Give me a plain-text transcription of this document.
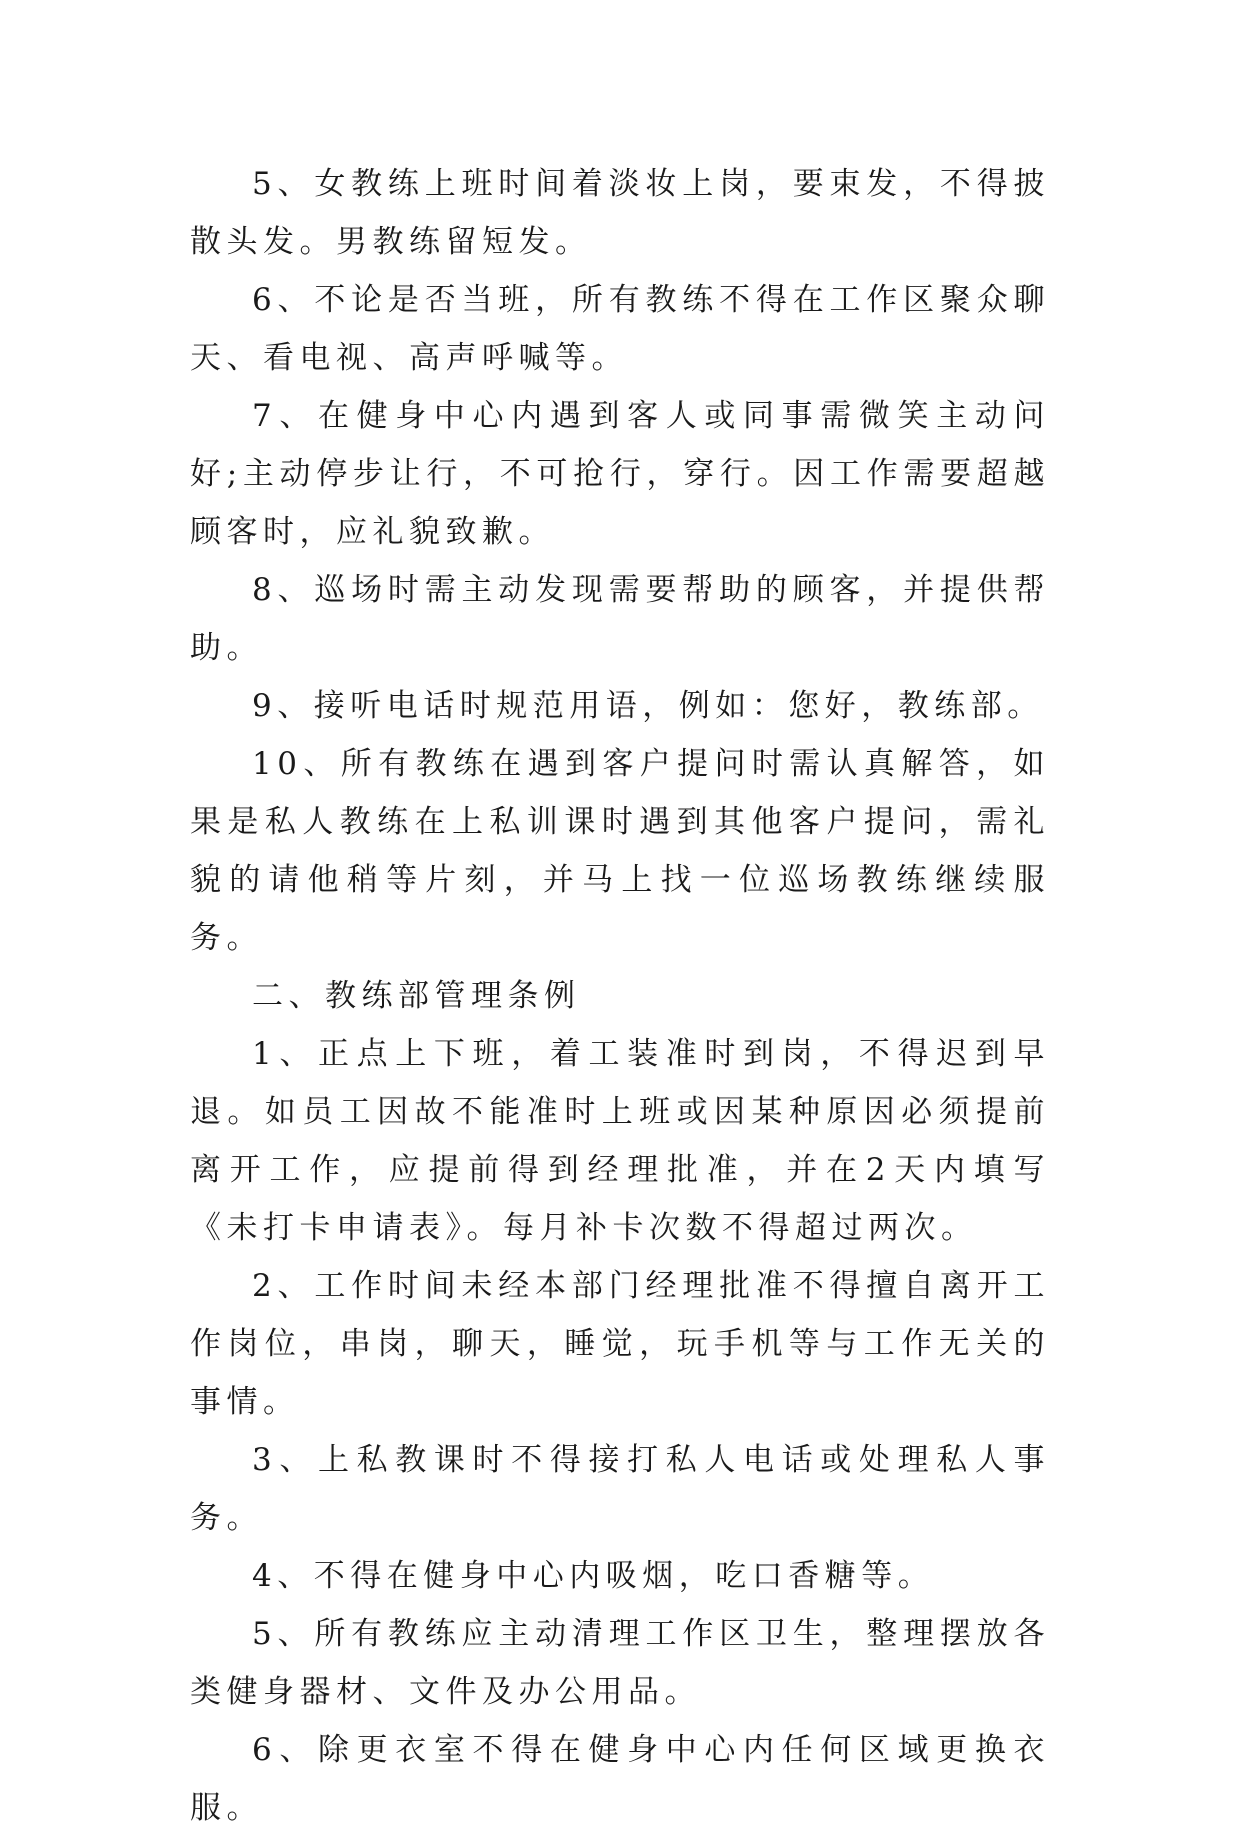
5、女教练上班时间着淡妆上岗，要束发，不得披散头发。男教练留短发。

6、不论是否当班，所有教练不得在工作区聚众聊天、看电视、高声呼喊等。

7、在健身中心内遇到客人或同事需微笑主动问好;主动停步让行，不可抢行，穿行。因工作需要超越顾客时，应礼貌致歉。

8、巡场时需主动发现需要帮助的顾客，并提供帮助。

9、接听电话时规范用语，例如：您好，教练部。

10、所有教练在遇到客户提问时需认真解答，如果是私人教练在上私训课时遇到其他客户提问，需礼貌的请他稍等片刻，并马上找一位巡场教练继续服务。

二、教练部管理条例

1、正点上下班，着工装准时到岗，不得迟到早退。如员工因故不能准时上班或因某种原因必须提前离开工作，应提前得到经理批准，并在2天内填写《未打卡申请表》。每月补卡次数不得超过两次。

2、工作时间未经本部门经理批准不得擅自离开工作岗位，串岗，聊天，睡觉，玩手机等与工作无关的事情。

3、上私教课时不得接打私人电话或处理私人事务。

4、不得在健身中心内吸烟，吃口香糖等。

5、所有教练应主动清理工作区卫生，整理摆放各类健身器材、文件及办公用品。

6、除更衣室不得在健身中心内任何区域更换衣服。
